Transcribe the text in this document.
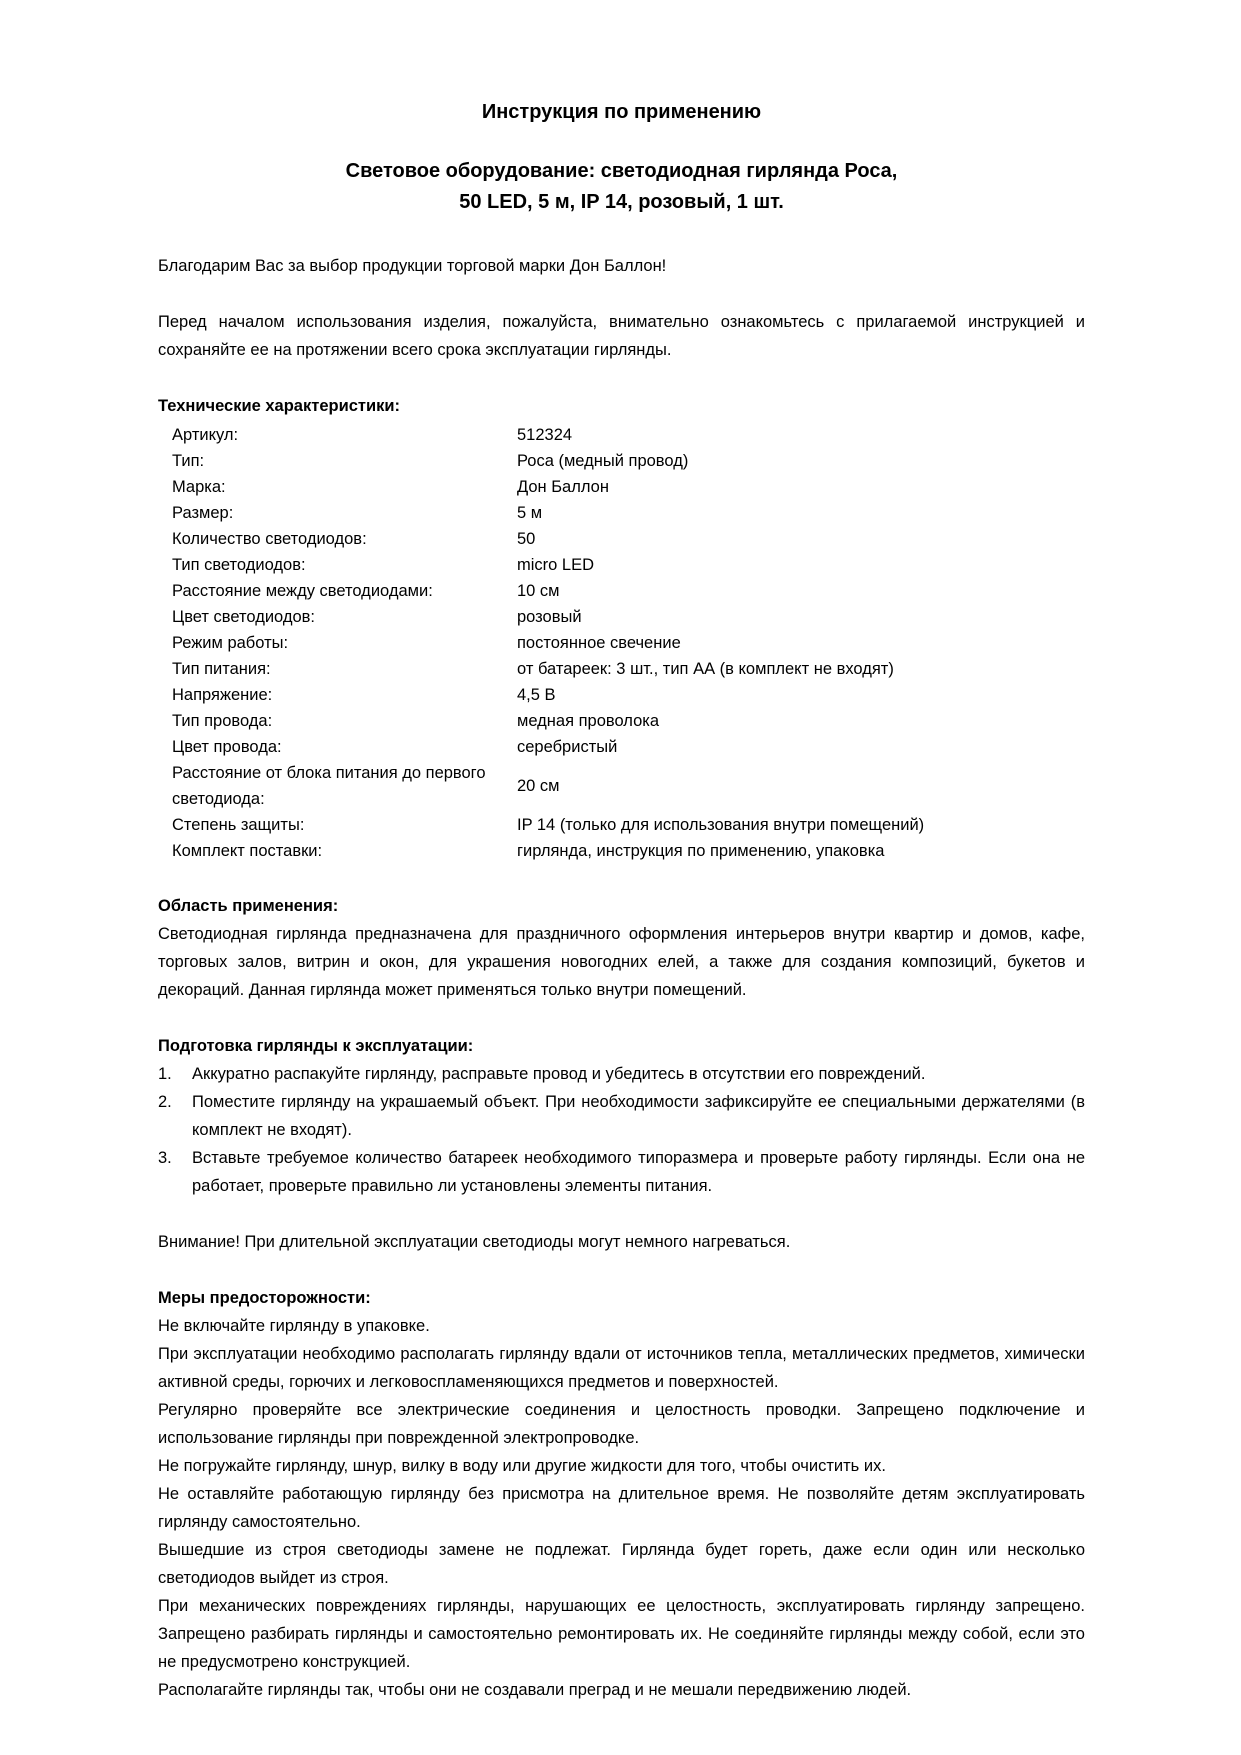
Инструкция по применению
Световое оборудование: светодиодная гирлянда Роса,
50 LED, 5 м, IP 14, розовый, 1 шт.

Благодарим Вас за выбор продукции торговой марки Дон Баллон!

Перед началом использования изделия, пожалуйста, внимательно ознакомьтесь с прилагаемой инструкцией и сохраняйте ее на протяжении всего срока эксплуатации гирлянды.

Технические характеристики:
Артикул:	512324
Тип:	Роса (медный провод)
Марка:	Дон Баллон
Размер:	5 м
Количество светодиодов:	50
Тип светодиодов:	micro LED
Расстояние между светодиодами:	10 см
Цвет светодиодов:	розовый
Режим работы:	постоянное свечение
Тип питания:	от батареек: 3 шт., тип АА (в комплект не входят)
Напряжение:	4,5 В
Тип провода:	медная проволока
Цвет провода:	серебристый
Расстояние от блока питания до первого светодиода:
20 см
Степень защиты:	IP 14 (только для использования внутри помещений)
Комплект поставки:	гирлянда, инструкция по применению, упаковка
Область применения:

Светодиодная гирлянда предназначена для праздничного оформления интерьеров внутри квартир и домов, кафе, торговых залов, витрин и окон, для украшения новогодних елей, а также для создания композиций, букетов и декораций. Данная гирлянда может применяться только внутри помещений.

Подготовка гирлянды к эксплуатации:
1.	Аккуратно распакуйте гирлянду, расправьте провод и убедитесь в отсутствии его повреждений.
2.	Поместите гирлянду на украшаемый объект. При необходимости зафиксируйте ее специальными держателями (в комплект не входят).
3.	Вставьте требуемое количество батареек необходимого типоразмера и проверьте работу гирлянды. Если она не работает, проверьте правильно ли установлены элементы питания.

Внимание! При длительной эксплуатации светодиоды могут немного нагреваться.

Меры предосторожности:

Не включайте гирлянду в упаковке.

При эксплуатации необходимо располагать гирлянду вдали от источников тепла, металлических предметов, химически активной среды, горючих и легковоспламеняющихся предметов и поверхностей.

Регулярно проверяйте все электрические соединения и целостность проводки. Запрещено подключение и использование гирлянды при поврежденной электропроводке.

Не погружайте гирлянду, шнур, вилку в воду или другие жидкости для того, чтобы очистить их.

Не оставляйте работающую гирлянду без присмотра на длительное время. Не позволяйте детям эксплуатировать гирлянду самостоятельно.

Вышедшие из строя светодиоды замене не подлежат. Гирлянда будет гореть, даже если один или несколько светодиодов выйдет из строя.

При механических повреждениях гирлянды, нарушающих ее целостность, эксплуатировать гирлянду запрещено. Запрещено разбирать гирлянды и самостоятельно ремонтировать их. Не соединяйте гирлянды между собой, если это не предусмотрено конструкцией.

Располагайте гирлянды так, чтобы они не создавали преград и не мешали передвижению людей.
